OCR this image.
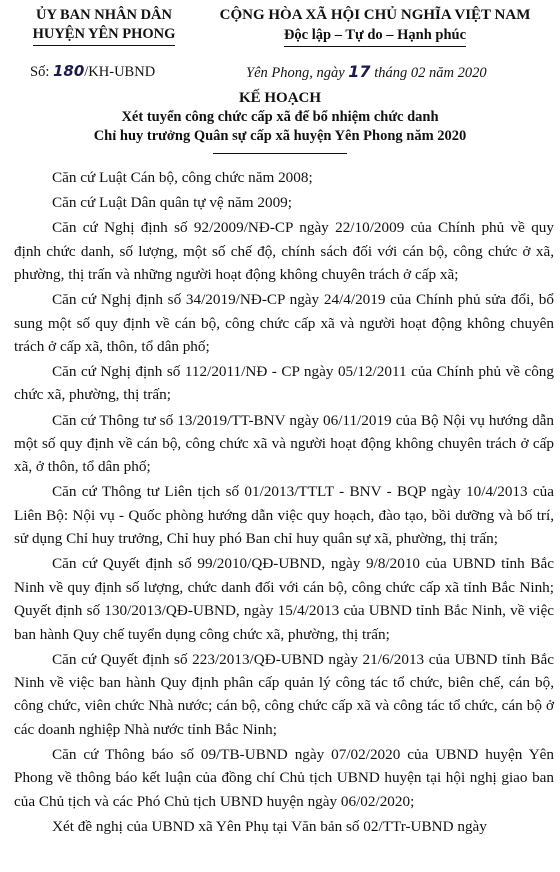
ỦY BAN NHÂN DÂN
HUYỆN YÊN PHONG
CỘNG HÒA XÃ HỘI CHỦ NGHĨA VIỆT NAM
Độc lập – Tự do – Hạnh phúc
Số: 180/KH-UBND	Yên Phong, ngày 17 tháng 02 năm 2020
KẾ HOẠCH
Xét tuyển công chức cấp xã để bổ nhiệm chức danh
Chỉ huy trưởng Quân sự cấp xã huyện Yên Phong năm 2020

Căn cứ Luật Cán bộ, công chức năm 2008;

Căn cứ Luật Dân quân tự vệ năm 2009;

Căn cứ Nghị định số 92/2009/NĐ-CP ngày 22/10/2009 của Chính phủ về quy định chức danh, số lượng, một số chế độ, chính sách đối với cán bộ, công chức ở xã, phường, thị trấn và những người hoạt động không chuyên trách ở cấp xã;

Căn cứ Nghị định số 34/2019/NĐ-CP ngày 24/4/2019 của Chính phủ sửa đổi, bổ sung một số quy định về cán bộ, công chức cấp xã và người hoạt động không chuyên trách ở cấp xã, thôn, tổ dân phố;

Căn cứ Nghị định số 112/2011/NĐ - CP ngày 05/12/2011 của Chính phủ về công chức xã, phường, thị trấn;

Căn cứ Thông tư số 13/2019/TT-BNV ngày 06/11/2019 của Bộ Nội vụ hướng dẫn một số quy định về cán bộ, công chức xã và người hoạt động không chuyên trách ở cấp xã, ở thôn, tổ dân phố;

Căn cứ Thông tư Liên tịch số 01/2013/TTLT - BNV - BQP ngày 10/4/2013 của Liên Bộ: Nội vụ - Quốc phòng hướng dẫn việc quy hoạch, đào tạo, bồi dưỡng và bố trí, sử dụng Chỉ huy trưởng, Chỉ huy phó Ban chỉ huy quân sự xã, phường, thị trấn;

Căn cứ Quyết định số 99/2010/QĐ-UBND, ngày 9/8/2010 của UBND tỉnh Bắc Ninh về quy định số lượng, chức danh đối với cán bộ, công chức cấp xã tỉnh Bắc Ninh; Quyết định số 130/2013/QĐ-UBND, ngày 15/4/2013 của UBND tỉnh Bắc Ninh, về việc ban hành Quy chế tuyển dụng công chức xã, phường, thị trấn;

Căn cứ Quyết định số 223/2013/QĐ-UBND ngày 21/6/2013 của UBND tỉnh Bắc Ninh về việc ban hành Quy định phân cấp quản lý công tác tổ chức, biên chế, cán bộ, công chức, viên chức Nhà nước; cán bộ, công chức cấp xã và công tác tổ chức, cán bộ ở các doanh nghiệp Nhà nước tỉnh Bắc Ninh;

Căn cứ Thông báo số 09/TB-UBND ngày 07/02/2020 của UBND huyện Yên Phong về thông báo kết luận của đồng chí Chủ tịch UBND huyện tại hội nghị giao ban của Chủ tịch và các Phó Chủ tịch UBND huyện ngày 06/02/2020;

Xét đề nghị của UBND xã Yên Phụ tại Văn bản số 02/TTr-UBND ngày
